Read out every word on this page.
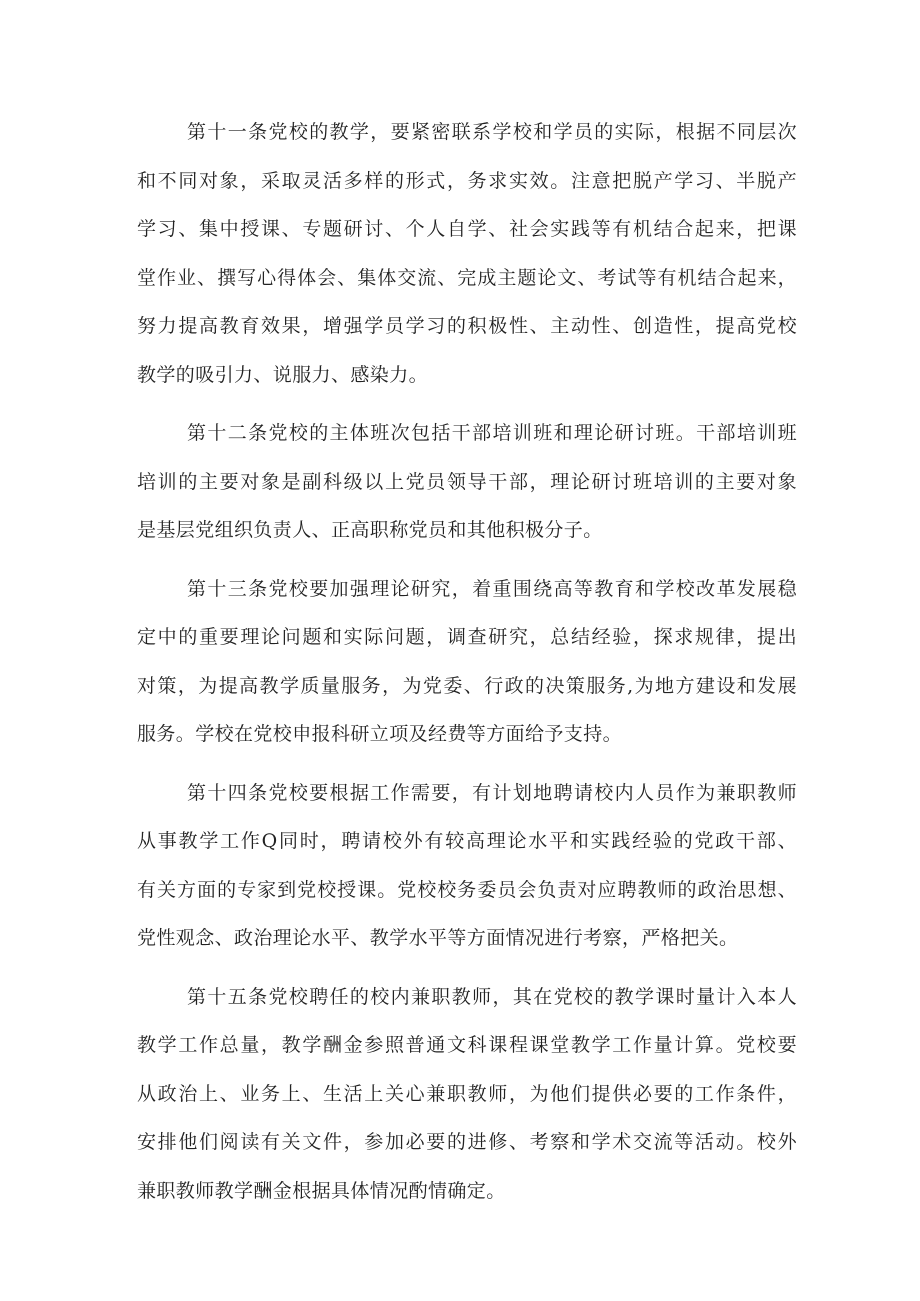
第十一条党校的教学，要紧密联系学校和学员的实际，根据不同层次
和不同对象，采取灵活多样的形式，务求实效。注意把脱产学习、半脱产
学习、集中授课、专题研讨、个人自学、社会实践等有机结合起来，把课
堂作业、撰写心得体会、集体交流、完成主题论文、考试等有机结合起来，
努力提高教育效果，增强学员学习的积极性、主动性、创造性，提高党校
教学的吸引力、说服力、感染力。
第十二条党校的主体班次包括干部培训班和理论研讨班。干部培训班
培训的主要对象是副科级以上党员领导干部，理论研讨班培训的主要对象
是基层党组织负责人、正高职称党员和其他积极分子。
第十三条党校要加强理论研究，着重围绕高等教育和学校改革发展稳
定中的重要理论问题和实际问题，调查研究，总结经验，探求规律，提出
对策，为提高教学质量服务，为党委、行政的决策服务,为地方建设和发展
服务。学校在党校申报科研立项及经费等方面给予支持。
第十四条党校要根据工作需要，有计划地聘请校内人员作为兼职教师
从事教学工作Q同时，聘请校外有较高理论水平和实践经验的党政干部、
有关方面的专家到党校授课。党校校务委员会负责对应聘教师的政治思想、
党性观念、政治理论水平、教学水平等方面情况进行考察，严格把关。
第十五条党校聘任的校内兼职教师，其在党校的教学课时量计入本人
教学工作总量，教学酬金参照普通文科课程课堂教学工作量计算。党校要
从政治上、业务上、生活上关心兼职教师，为他们提供必要的工作条件，
安排他们阅读有关文件，参加必要的进修、考察和学术交流等活动。校外
兼职教师教学酬金根据具体情况酌情确定。
